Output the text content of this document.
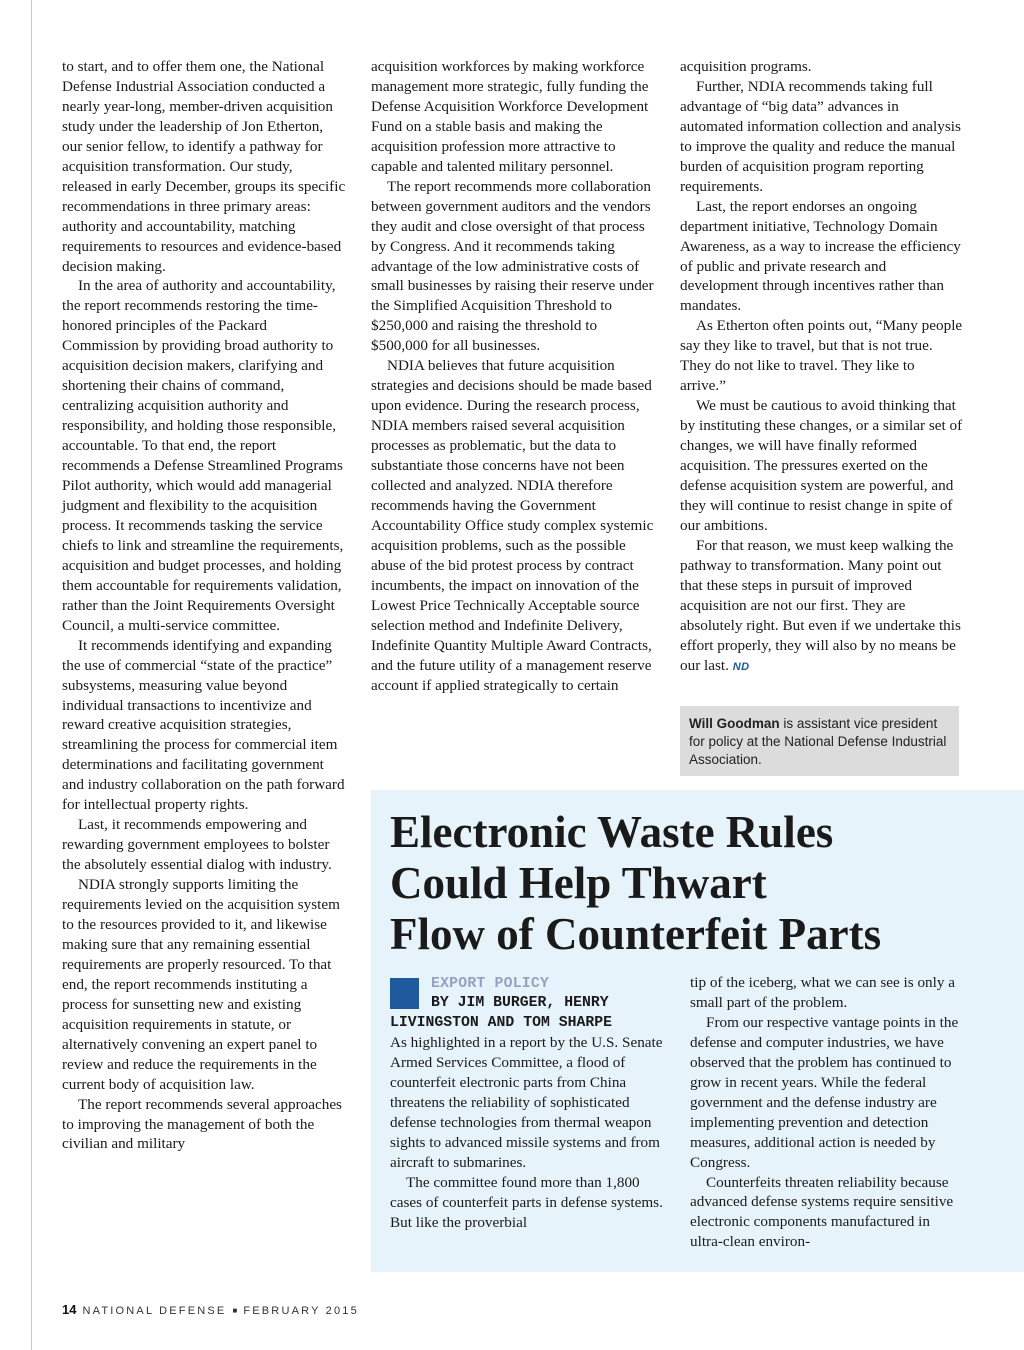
to start, and to offer them one, the National Defense Industrial Association conducted a nearly year-long, member-driven acquisition study under the leadership of Jon Etherton, our senior fellow, to identify a pathway for acquisition transformation. Our study, released in early December, groups its specific recommendations in three primary areas: authority and accountability, matching requirements to resources and evidence-based decision making.

In the area of authority and accountability, the report recommends restoring the time-honored principles of the Packard Commission by providing broad authority to acquisition decision makers, clarifying and shortening their chains of command, centralizing acquisition authority and responsibility, and holding those responsible, accountable. To that end, the report recommends a Defense Streamlined Programs Pilot authority, which would add managerial judgment and flexibility to the acquisition process. It recommends tasking the service chiefs to link and streamline the requirements, acquisition and budget processes, and holding them accountable for requirements validation, rather than the Joint Requirements Oversight Council, a multi-service committee.

It recommends identifying and expanding the use of commercial “state of the practice” subsystems, measuring value beyond individual transactions to incentivize and reward creative acquisition strategies, streamlining the process for commercial item determinations and facilitating government and industry collaboration on the path forward for intellectual property rights.

Last, it recommends empowering and rewarding government employees to bolster the absolutely essential dialog with industry.

NDIA strongly supports limiting the requirements levied on the acquisition system to the resources provided to it, and likewise making sure that any remaining essential requirements are properly resourced. To that end, the report recommends instituting a process for sunsetting new and existing acquisition requirements in statute, or alternatively convening an expert panel to review and reduce the requirements in the current body of acquisition law.

The report recommends several approaches to improving the management of both the civilian and military

acquisition workforces by making workforce management more strategic, fully funding the Defense Acquisition Workforce Development Fund on a stable basis and making the acquisition profession more attractive to capable and talented military personnel.

The report recommends more collaboration between government auditors and the vendors they audit and close oversight of that process by Congress. And it recommends taking advantage of the low administrative costs of small businesses by raising their reserve under the Simplified Acquisition Threshold to $250,000 and raising the threshold to $500,000 for all businesses.

NDIA believes that future acquisition strategies and decisions should be made based upon evidence. During the research process, NDIA members raised several acquisition processes as problematic, but the data to substantiate those concerns have not been collected and analyzed. NDIA therefore recommends having the Government Accountability Office study complex systemic acquisition problems, such as the possible abuse of the bid protest process by contract incumbents, the impact on innovation of the Lowest Price Technically Acceptable source selection method and Indefinite Delivery, Indefinite Quantity Multiple Award Contracts, and the future utility of a management reserve account if applied strategically to certain

acquisition programs.

Further, NDIA recommends taking full advantage of “big data” advances in automated information collection and analysis to improve the quality and reduce the manual burden of acquisition program reporting requirements.

Last, the report endorses an ongoing department initiative, Technology Domain Awareness, as a way to increase the efficiency of public and private research and development through incentives rather than mandates.

As Etherton often points out, “Many people say they like to travel, but that is not true. They do not like to travel. They like to arrive.”

We must be cautious to avoid thinking that by instituting these changes, or a similar set of changes, we will have finally reformed acquisition. The pressures exerted on the defense acquisition system are powerful, and they will continue to resist change in spite of our ambitions.

For that reason, we must keep walking the pathway to transformation. Many point out that these steps in pursuit of improved acquisition are not our first. They are absolutely right. But even if we undertake this effort properly, they will also by no means be our last. ND

Will Goodman is assistant vice president for policy at the National Defense Industrial Association.
Electronic Waste Rules
Could Help Thwart
Flow of Counterfeit Parts
EXPORT POLICY
BY JIM BURGER, HENRY
LIVINGSTON AND TOM SHARPE

As highlighted in a report by the U.S. Senate Armed Services Committee, a flood of counterfeit electronic parts from China threatens the reliability of sophisticated defense technologies from thermal weapon sights to advanced missile systems and from aircraft to submarines.

The committee found more than 1,800 cases of counterfeit parts in defense systems. But like the proverbial

tip of the iceberg, what we can see is only a small part of the problem.

From our respective vantage points in the defense and computer industries, we have observed that the problem has continued to grow in recent years. While the federal government and the defense industry are implementing prevention and detection measures, additional action is needed by Congress.

Counterfeits threaten reliability because advanced defense systems require sensitive electronic components manufactured in ultra-clean environ-

14 NATIONAL DEFENSE ■ FEBRUARY 2015
